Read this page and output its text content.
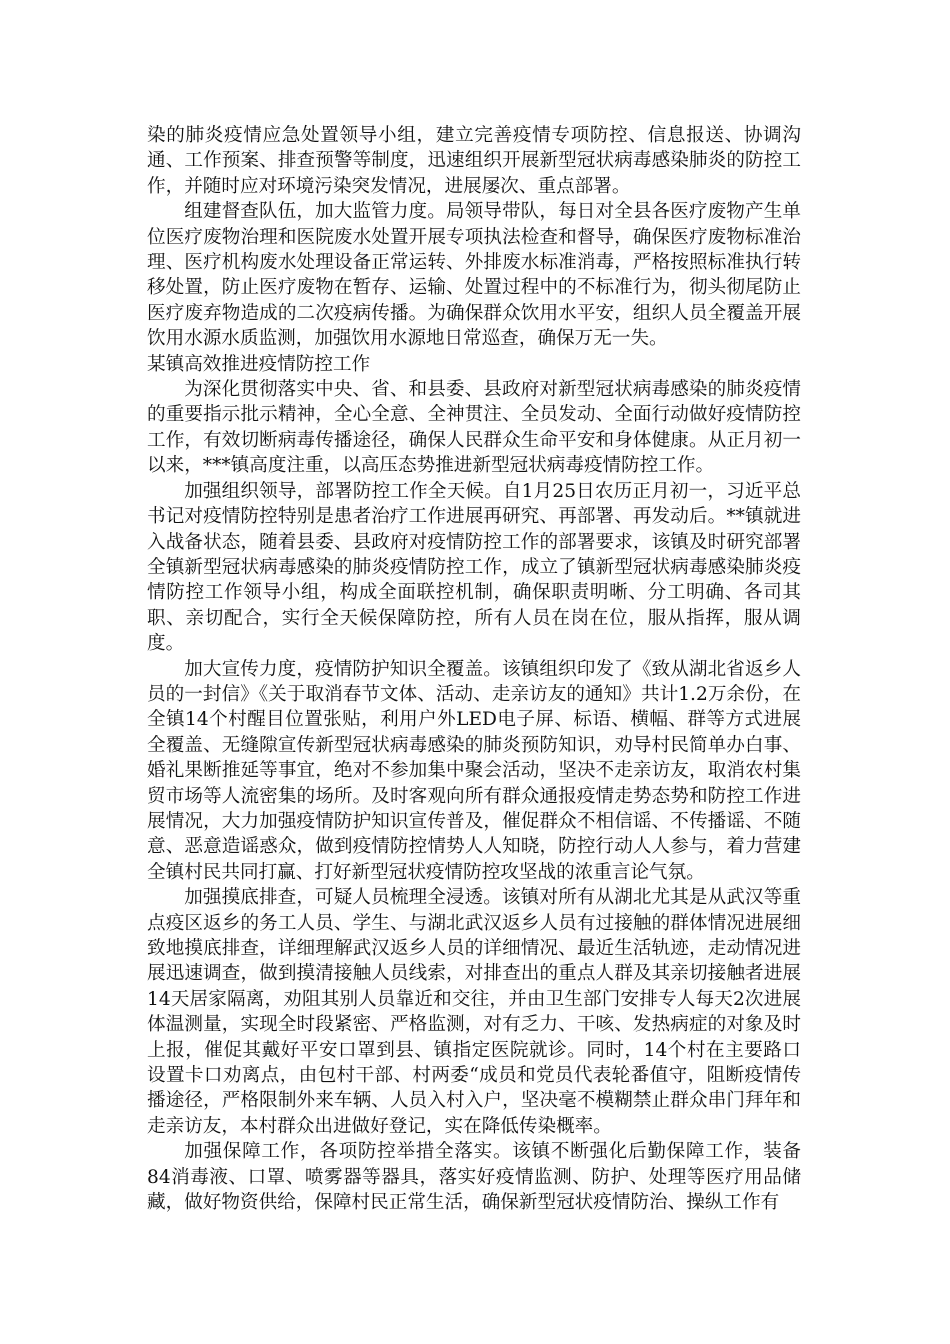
染的肺炎疫情应急处置领导小组，建立完善疫情专项防控、信息报送、协调沟通、工作预案、排查预警等制度，迅速组织开展新型冠状病毒感染肺炎的防控工作，并随时应对环境污染突发情况，进展屡次、重点部署。

组建督查队伍，加大监管力度。局领导带队，每日对全县各医疗废物产生单位医疗废物治理和医院废水处置开展专项执法检查和督导，确保医疗废物标准治理、医疗机构废水处理设备正常运转、外排废水标准消毒，严格按照标准执行转移处置，防止医疗废物在暂存、运输、处置过程中的不标准行为，彻头彻尾防止医疗废弃物造成的二次疫病传播。为确保群众饮用水平安，组织人员全覆盖开展饮用水源水质监测，加强饮用水源地日常巡查，确保万无一失。

某镇高效推进疫情防控工作

为深化贯彻落实中央、省、和县委、县政府对新型冠状病毒感染的肺炎疫情的重要指示批示精神，全心全意、全神贯注、全员发动、全面行动做好疫情防控工作，有效切断病毒传播途径，确保人民群众生命平安和身体健康。从正月初一以来，***镇高度注重，以高压态势推进新型冠状病毒疫情防控工作。

加强组织领导，部署防控工作全天候。自1月25日农历正月初一，习近平总书记对疫情防控特别是患者治疗工作进展再研究、再部署、再发动后。**镇就进入战备状态，随着县委、县政府对疫情防控工作的部署要求，该镇及时研究部署全镇新型冠状病毒感染的肺炎疫情防控工作，成立了镇新型冠状病毒感染肺炎疫情防控工作领导小组，构成全面联控机制，确保职责明晰、分工明确、各司其职、亲切配合，实行全天候保障防控，所有人员在岗在位，服从指挥，服从调度。

加大宣传力度，疫情防护知识全覆盖。该镇组织印发了《致从湖北省返乡人员的一封信》《关于取消春节文体、活动、走亲访友的通知》共计1.2万余份，在全镇14个村醒目位置张贴，利用户外LED电子屏、标语、横幅、群等方式进展全覆盖、无缝隙宣传新型冠状病毒感染的肺炎预防知识，劝导村民简单办白事、婚礼果断推延等事宜，绝对不参加集中聚会活动，坚决不走亲访友，取消农村集贸市场等人流密集的场所。及时客观向所有群众通报疫情走势态势和防控工作进展情况，大力加强疫情防护知识宣传普及，催促群众不相信谣、不传播谣、不随意、恶意造谣惑众，做到疫情防控情势人人知晓，防控行动人人参与，着力营建全镇村民共同打赢、打好新型冠状疫情防控攻坚战的浓重言论气氛。

加强摸底排查，可疑人员梳理全浸透。该镇对所有从湖北尤其是从武汉等重点疫区返乡的务工人员、学生、与湖北武汉返乡人员有过接触的群体情况进展细致地摸底排查，详细理解武汉返乡人员的详细情况、最近生活轨迹，走动情况进展迅速调查，做到摸清接触人员线索，对排查出的重点人群及其亲切接触者进展14天居家隔离，劝阻其别人员靠近和交往，并由卫生部门安排专人每天2次进展体温测量，实现全时段紧密、严格监测，对有乏力、干咳、发热病症的对象及时上报，催促其戴好平安口罩到县、镇指定医院就诊。同时，14个村在主要路口设置卡口劝离点，由包村干部、村两委“成员和党员代表轮番值守，阻断疫情传播途径，严格限制外来车辆、人员入村入户，坚决毫不模糊禁止群众串门拜年和走亲访友，本村群众出进做好登记，实在降低传染概率。

加强保障工作，各项防控举措全落实。该镇不断强化后勤保障工作，装备84消毒液、口罩、喷雾器等器具，落实好疫情监测、防护、处理等医疗用品储藏，做好物资供给，保障村民正常生活，确保新型冠状疫情防治、操纵工作有
